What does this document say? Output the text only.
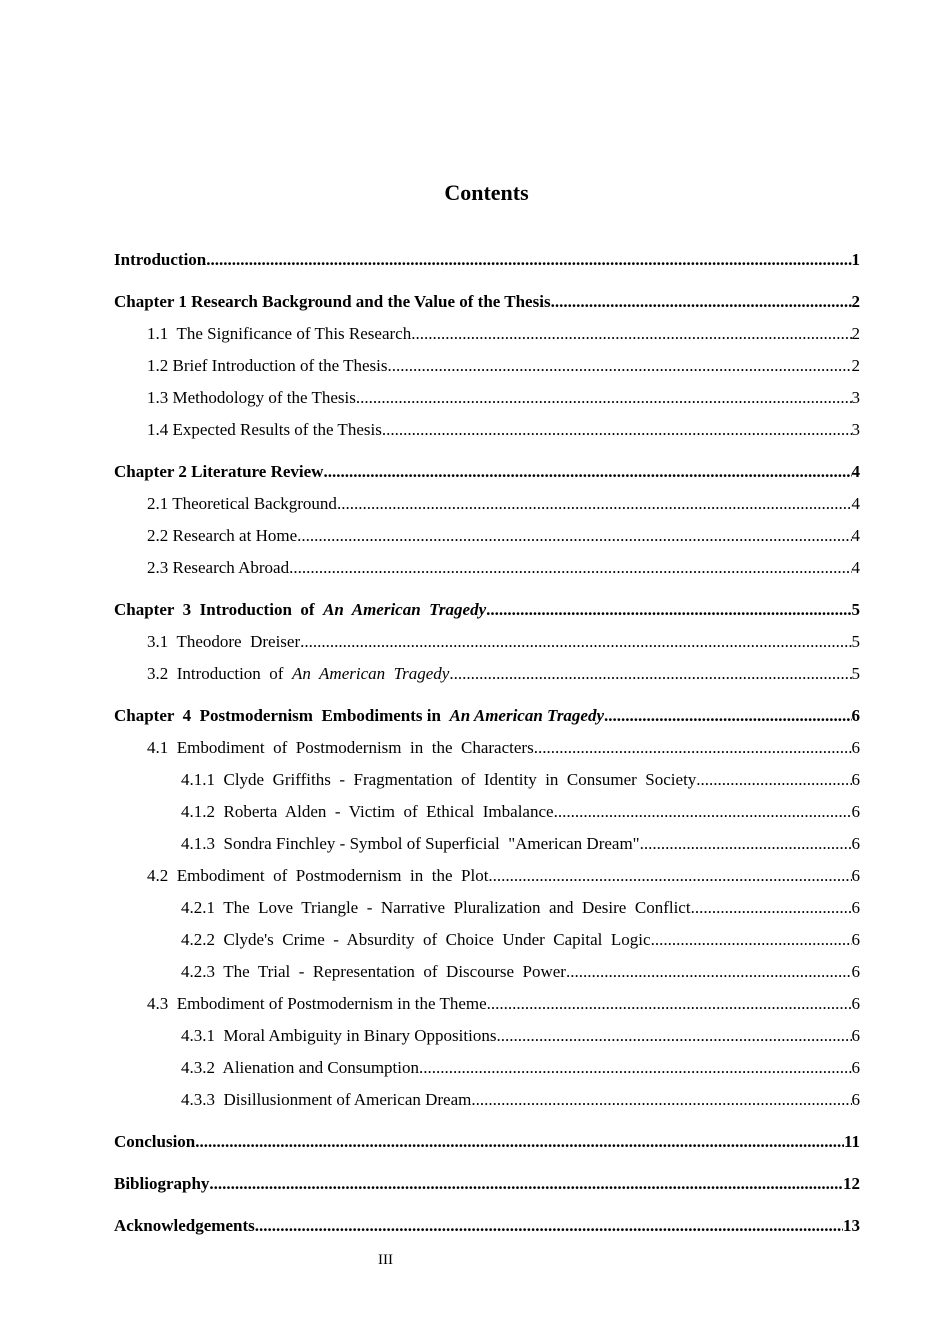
Contents
Introduction .....	1
Chapter 1 Research Background and the Value of the Thesis .....	2
1.1  The Significance of This Research .....	2
1.2 Brief Introduction of the Thesis .....	2
1.3 Methodology of the Thesis .....	3
1.4 Expected Results of the Thesis .....	3
Chapter 2 Literature Review .....	4
2.1 Theoretical Background .....	4
2.2 Research at Home .....	4
2.3 Research Abroad .....	4
Chapter  3  Introduction  of  An  American  Tragedy .....	5
3.1  Theodore  Dreiser .....	5
3.2  Introduction  of  An  American  Tragedy .....	5
Chapter  4  Postmodernism  Embodiments in  An American Tragedy .....	6
4.1  Embodiment  of  Postmodernism  in  the  Characters .....	6
4.1.1  Clyde  Griffiths  -  Fragmentation  of  Identity  in  Consumer  Society .....	6
4.1.2  Roberta  Alden  -  Victim  of  Ethical  Imbalance .....	6
4.1.3  Sondra Finchley - Symbol of Superficial  "American Dream" .....	6
4.2  Embodiment  of  Postmodernism  in  the  Plot .....	6
4.2.1  The  Love  Triangle  -  Narrative  Pluralization  and  Desire  Conflict .....	6
4.2.2  Clyde's  Crime  -  Absurdity  of  Choice  Under  Capital  Logic .....	6
4.2.3  The  Trial  -  Representation  of  Discourse  Power .....	6
4.3  Embodiment of Postmodernism in the Theme .....	6
4.3.1  Moral Ambiguity in Binary Oppositions .....	6
4.3.2  Alienation and Consumption .....	6
4.3.3  Disillusionment of American Dream .....	6
Conclusion .....	11
Bibliography .....	12
Acknowledgements .....	13
III
